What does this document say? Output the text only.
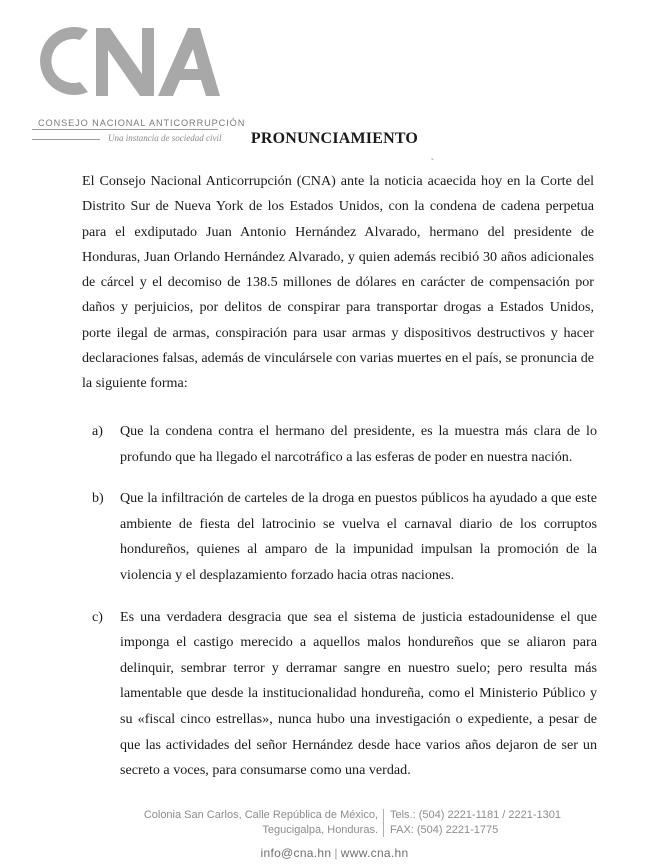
CONSEJO NACIONAL ANTICORRUPCIÓN
Una instancia de sociedad civil	PRONUNCIAMIENTO
˜

El Consejo Nacional Anticorrupción (CNA) ante la noticia acaecida hoy en la Corte del Distrito Sur de Nueva York de los Estados Unidos, con la condena de cadena perpetua para el exdiputado Juan Antonio Hernández Alvarado, hermano del presidente de Honduras, Juan Orlando Hernández Alvarado, y quien además recibió 30 años adicionales de cárcel y el decomiso de 138.5 millones de dólares en carácter de compensación por daños y perjuicios, por delitos de conspirar para transportar drogas a Estados Unidos, porte ilegal de armas, conspiración para usar armas y dispositivos destructivos y hacer declaraciones falsas, además de vinculársele con varias muertes en el país, se pronuncia de la siguiente forma:

a) Que la condena contra el hermano del presidente, es la muestra más clara de lo profundo que ha llegado el narcotráfico a las esferas de poder en nuestra nación.
b) Que la infiltración de carteles de la droga en puestos públicos ha ayudado a que este ambiente de fiesta del latrocinio se vuelva el carnaval diario de los corruptos hondureños, quienes al amparo de la impunidad impulsan la promoción de la violencia y el desplazamiento forzado hacia otras naciones.
c) Es una verdadera desgracia que sea el sistema de justicia estadounidense el que imponga el castigo merecido a aquellos malos hondureños que se aliaron para delinquir, sembrar terror y derramar sangre en nuestro suelo; pero resulta más lamentable que desde la institucionalidad hondureña, como el Ministerio Público y su «fiscal cinco estrellas», nunca hubo una investigación o expediente, a pesar de que las actividades del señor Hernández desde hace varios años dejaron de ser un secreto a voces, para consumarse como una verdad.
Colonia San Carlos, Calle República de México,
Tegucigalpa, Honduras.
Tels.: (504) 2221-1181 / 2221-1301
FAX: (504) 2221-1775
info@cna.hn | www.cna.hn
